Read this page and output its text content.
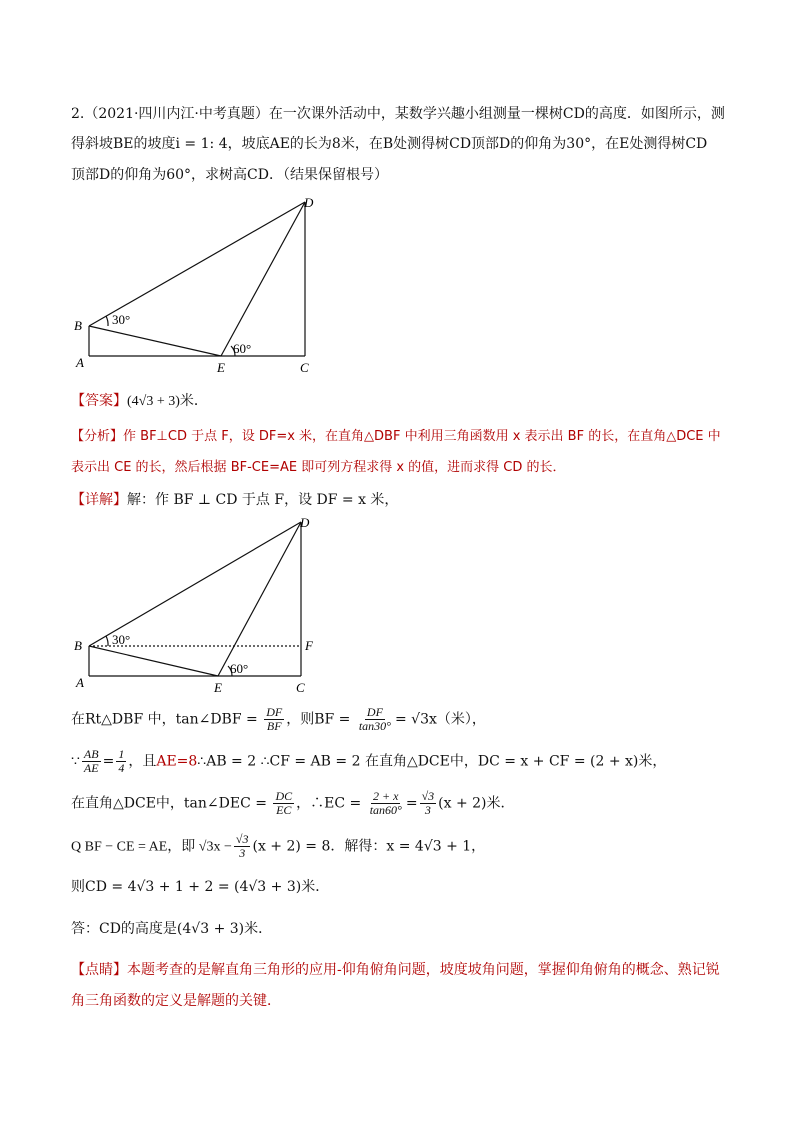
2.（2021·四川内江·中考真题）在一次课外活动中，某数学兴趣小组测量一棵树CD的高度．如图所示，测
得斜坡BE的坡度i = 1: 4，坡底AE的长为8米，在B处测得树CD顶部D的仰角为30°，在E处测得树CD
顶部D的仰角为60°，求树高CD．（结果保留根号）
D
B
A	E	C
30°
60°
【答案】(4√3 + 3)米．
【分析】作 BF⊥CD 于点 F，设 DF=x 米，在直角△DBF 中利用三角函数用 x 表示出 BF 的长，在直角△DCE 中
表示出 CE 的长，然后根据 BF-CE=AE 即可列方程求得 x 的值，进而求得 CD 的长．
【详解】解：作 BF ⊥ CD 于点 F，设 DF = x 米，
D
B	F
A	E	C
30°
60°
在Rt△DBF 中，tan∠DBF = $\frac{DF}{BF}$ ，则BF = $\frac{DF}{\tan 30^\circ} = √3x$（米），
∵ $\frac{AB}{AE} = \frac{1}{4}$ ，且AE=8∴AB = 2 ∴CF = AB = 2 在直角△DCE中，DC = x + CF = (2 + x)米，
在直角△DCE中，tan∠DEC = $\frac{DC}{EC}$ ，∴EC = $\frac{2 + x}{\tan 60^\circ} = \frac{√3}{3} (x + 2)$米．
Q BF − CE = AE，即 $√3x - \frac{√3}{3} (x + 2) = 8$．解得：x = 4√3 + 1，
则CD = 4√3 + 1 + 2 = (4√3 + 3)米．
答：CD的高度是(4√3 + 3)米．
【点睛】本题考查的是解直角三角形的应用-仰角俯角问题，坡度坡角问题，掌握仰角俯角的概念、熟记锐
角三角函数的定义是解题的关键．
